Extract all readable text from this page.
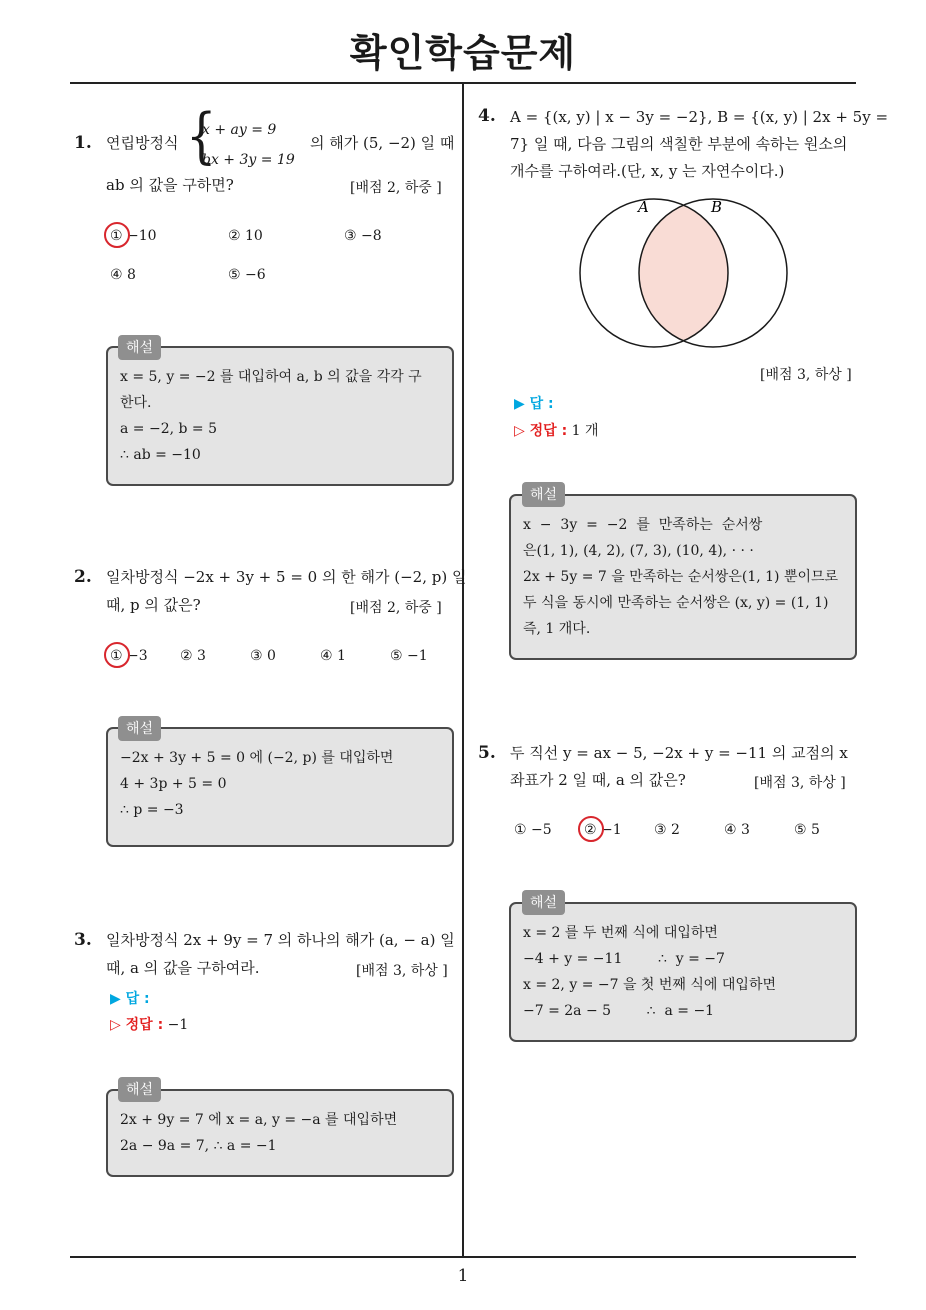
확인학습문제
1
1. 연립방정식 {
x + ay = 9
bx + 3y = 19
의 해가 (5, −2) 일 때
ab 의 값을 구하면?	[배점 2, 하중 ]
① −10	② 10	③ −8
④ 8	⑤ −6
x = 5, y = −2 를 대입하여 a, b 의 값을 각각 구
한다.
a = −2, b = 5
∴ ab = −10
해설
2. 일차방정식 −2x + 3y + 5 = 0 의 한 해가 (−2, p) 일
때, p 의 값은?	[배점 2, 하중 ]
① −3 ② 3	③ 0	④ 1	⑤ −1
−2x + 3y + 5 = 0 에 (−2, p) 를 대입하면
4 + 3p + 5 = 0
∴ p = −3
해설
3. 일차방정식 2x + 9y = 7 의 하나의 해가 (a, − a) 일
때, a 의 값을 구하여라.	[배점 3, 하상 ]
▶ 답 :
▷ 정답 : −1
2x + 9y = 7 에 x = a, y = −a 를 대입하면
2a − 9a = 7, ∴ a = −1
해설
4. A = {(x, y) | x − 3y = −2}, B = {(x, y) | 2x + 5y =
7} 일 때, 다음 그림의 색칠한 부분에 속하는 원소의
개수를 구하여라.(단, x, y 는 자연수이다.)
A	B
[배점 3, 하상 ]
▶ 답 :
▷ 정답 : 1 개
x  −  3y  =  −2  를  만족하는  순서쌍
은(1, 1), (4, 2), (7, 3), (10, 4), · · ·
2x + 5y = 7 을 만족하는 순서쌍은(1, 1) 뿐이므로
두 식을 동시에 만족하는 순서쌍은 (x, y) = (1, 1)
즉, 1 개다.
해설
5. 두 직선 y = ax − 5, −2x + y = −11 의 교점의 x
좌표가 2 일 때, a 의 값은?	[배점 3, 하상 ]
① −5 ② −1 ③ 2	④ 3	⑤ 5
x = 2 를 두 번째 식에 대입하면
−4 + y = −11        ∴  y = −7
x = 2, y = −7 을 첫 번째 식에 대입하면
−7 = 2a − 5        ∴  a = −1
해설
